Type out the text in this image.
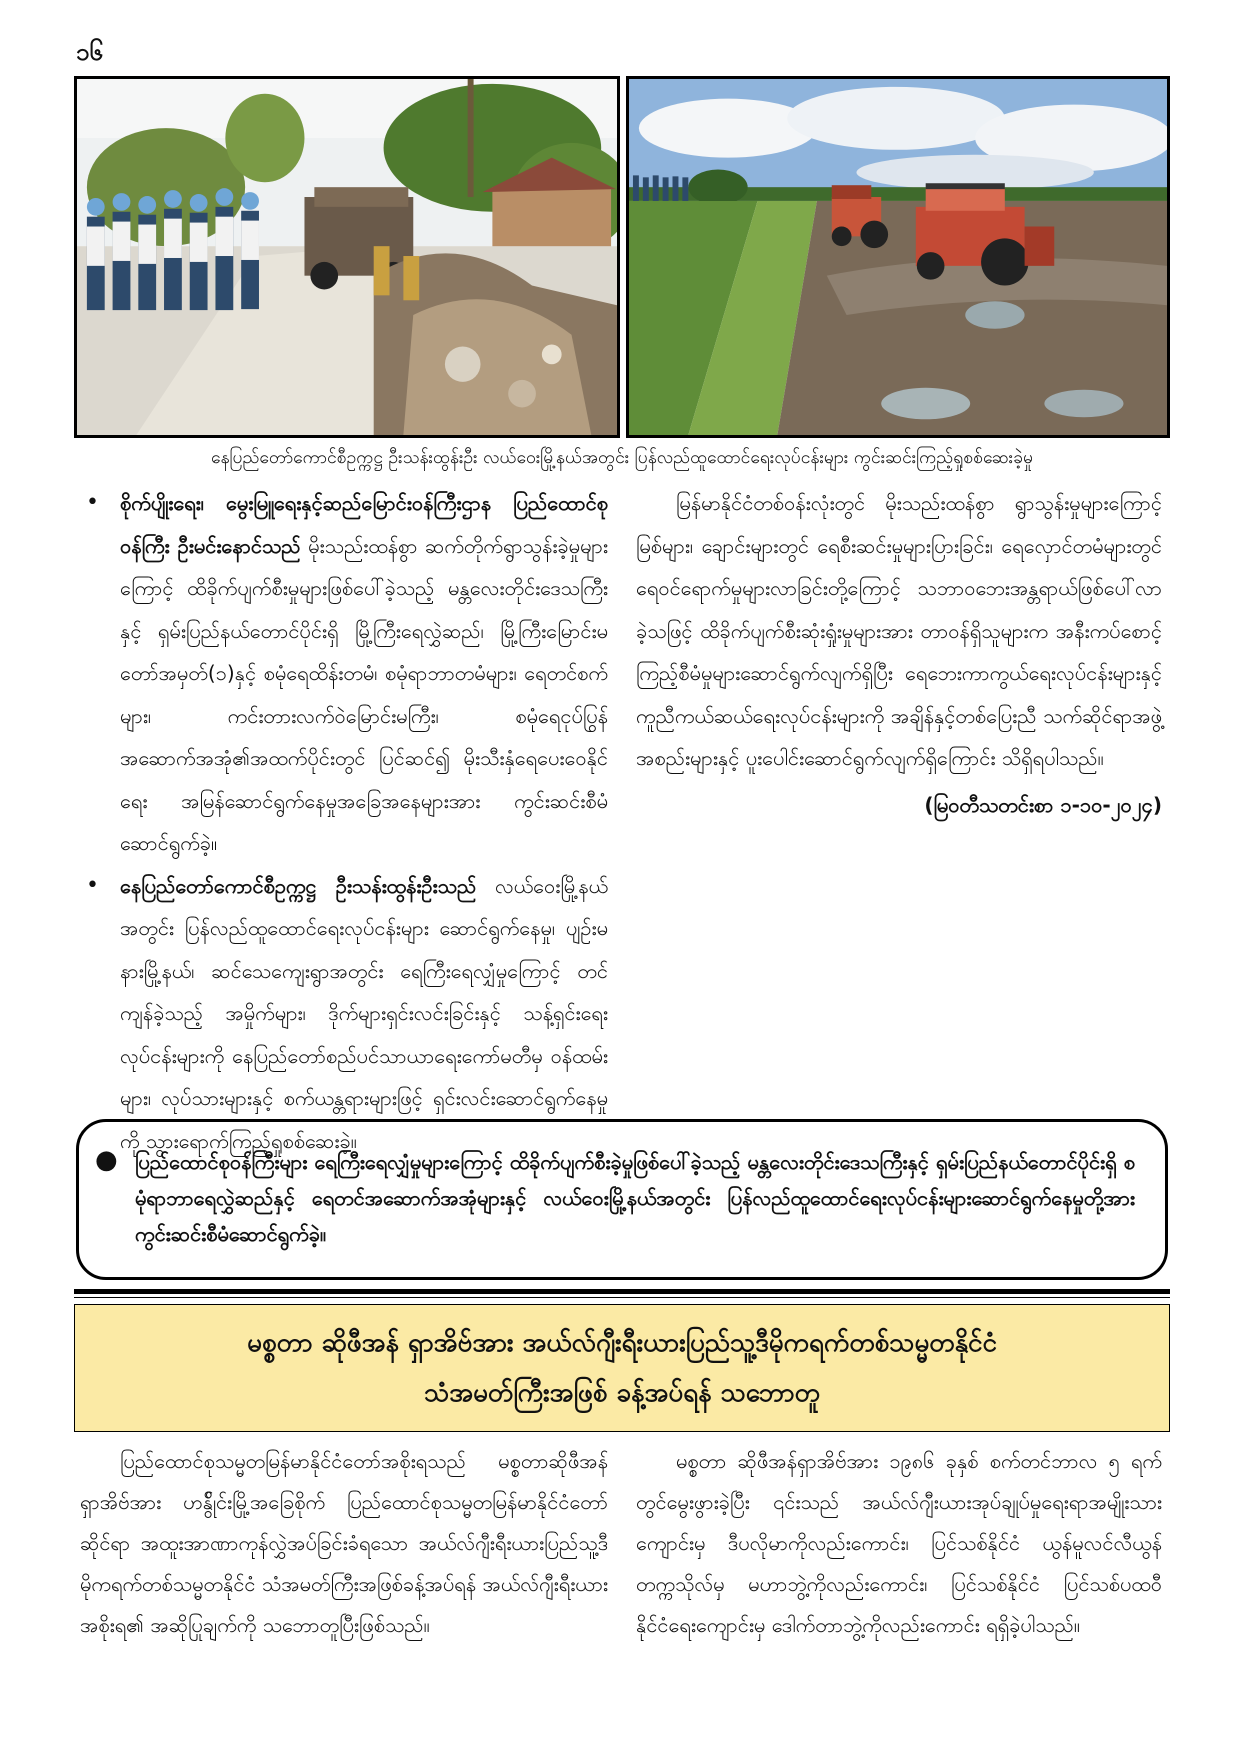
၁၆
နေပြည်တော်ကောင်စီဥက္ကဋ္ဌ ဦးသန်းထွန်းဦး လယ်ဝေးမြို့နယ်အတွင်း ပြန်လည်ထူထောင်ရေးလုပ်ငန်းများ ကွင်းဆင်းကြည့်ရှုစစ်ဆေးခဲ့မှု
• စိုက်ပျိုးရေး၊ မွေးမြူရေးနှင့်ဆည်မြောင်းဝန်ကြီးဌာန ပြည်ထောင်စုဝန်ကြီး ဦးမင်းနောင်သည် မိုးသည်းထန်စွာ ဆက်တိုက်ရွာသွန်းခဲ့မှုများကြောင့် ထိခိုက်ပျက်စီးမှုများဖြစ်ပေါ်ခဲ့သည့် မန္တလေးတိုင်းဒေသကြီးနှင့် ရှမ်းပြည်နယ်တောင်ပိုင်းရှိ မြို့ကြီးရေလွှဲဆည်၊ မြို့ကြီးမြောင်းမတော်အမှတ်(၁)နှင့် စမုံရေထိန်းတမံ၊ စမုံရာဘာတမံများ၊ ရေတင်စက်များ၊ ကင်းတားလက်ဝဲမြောင်းမကြီး၊ စမုံရေငုပ်ပြွန်အဆောက်အအုံ၏အထက်ပိုင်းတွင် ပြင်ဆင်၍ မိုးသီးနှံရေပေးဝေနိုင်ရေး အမြန်ဆောင်ရွက်နေမှုအခြေအနေများအား ကွင်းဆင်းစီမံဆောင်ရွက်ခဲ့။
• နေပြည်တော်ကောင်စီဥက္ကဋ္ဌ ဦးသန်းထွန်းဦးသည် လယ်ဝေးမြို့နယ်အတွင်း ပြန်လည်ထူထောင်ရေးလုပ်ငန်းများ ဆောင်ရွက်နေမှု၊ ပျဉ်းမနားမြို့နယ်၊ ဆင်သေကျေးရွာအတွင်း ရေကြီးရေလျှံမှုကြောင့် တင်ကျန်ခဲ့သည့် အမှိုက်များ၊ ဒိုက်များရှင်းလင်းခြင်းနှင့် သန့်ရှင်းရေးလုပ်ငန်းများကို နေပြည်တော်စည်ပင်သာယာရေးကော်မတီမှ ဝန်ထမ်းများ၊ လုပ်သားများနှင့် စက်ယန္တရားများဖြင့် ရှင်းလင်းဆောင်ရွက်နေမှုကို သွားရောက်ကြည့်ရှုစစ်ဆေးခဲ့။

မြန်မာနိုင်ငံတစ်ဝန်းလုံးတွင် မိုးသည်းထန်စွာ ရွာသွန်းမှုများကြောင့် မြစ်များ၊ ချောင်းများတွင် ရေစီးဆင်းမှုများပြားခြင်း၊ ရေလှောင်တမံများတွင် ရေဝင်ရောက်မှုများလာခြင်းတို့ကြောင့် သဘာဝဘေးအန္တရာယ်ဖြစ်ပေါ်လာခဲ့သဖြင့် ထိခိုက်ပျက်စီးဆုံးရှုံးမှုများအား တာဝန်ရှိသူများက အနီးကပ်စောင့်ကြည့်စီမံမှုများဆောင်ရွက်လျက်ရှိပြီး ရေဘေးကာကွယ်ရေးလုပ်ငန်းများနှင့် ကူညီကယ်ဆယ်ရေးလုပ်ငန်းများကို အချိန်နှင့်တစ်ပြေးညီ သက်ဆိုင်ရာအဖွဲ့အစည်းများနှင့် ပူးပေါင်းဆောင်ရွက်လျက်ရှိကြောင်း သိရှိရပါသည်။

(မြဝတီသတင်းစာ ၁-၁၀-၂၀၂၄)

● ပြည်ထောင်စုဝန်ကြီးများ ရေကြီးရေလျှံမှုများကြောင့် ထိခိုက်ပျက်စီးခဲ့မှုဖြစ်ပေါ်ခဲ့သည့် မန္တလေးတိုင်းဒေသကြီးနှင့် ရှမ်းပြည်နယ်တောင်ပိုင်းရှိ စမုံရာဘာရေလွှဲဆည်နှင့် ရေတင်အဆောက်အအုံများနှင့် လယ်ဝေးမြို့နယ်အတွင်း ပြန်လည်ထူထောင်ရေးလုပ်ငန်းများဆောင်ရွက်နေမှုတို့အား ကွင်းဆင်းစီမံဆောင်ရွက်ခဲ့။

မစ္စတာ ဆိုဖီအန် ရှာအိဗ်အား အယ်လ်ဂျီးရီးယားပြည်သူ့ဒီမိုကရက်တစ်သမ္မတနိုင်ငံ
သံအမတ်ကြီးအဖြစ် ခန့်အပ်ရန် သဘောတူ

ပြည်ထောင်စုသမ္မတမြန်မာနိုင်ငံတော်အစိုးရသည် မစ္စတာဆိုဖီအန် ရှာအိဗ်အား ဟန်ွိုင်းမြို့အခြေစိုက် ပြည်ထောင်စုသမ္မတမြန်မာနိုင်ငံတော်ဆိုင်ရာ အထူးအာဏာကုန်လွှဲအပ်ခြင်းခံရသော အယ်လ်ဂျီးရီးယားပြည်သူ့ဒီမိုကရက်တစ်သမ္မတနိုင်ငံ သံအမတ်ကြီးအဖြစ်ခန့်အပ်ရန် အယ်လ်ဂျီးရီးယား အစိုးရ၏ အဆိုပြုချက်ကို သဘောတူပြီးဖြစ်သည်။

မစ္စတာ ဆိုဖီအန်ရှာအိဗ်အား ၁၉၈၆ ခုနှစ် စက်တင်ဘာလ ၅ ရက်တွင်မွေးဖွားခဲ့ပြီး ၎င်းသည် အယ်လ်ဂျီးယားအုပ်ချုပ်မှုရေးရာအမျိုးသားကျောင်းမှ ဒီပလိုမာကိုလည်းကောင်း၊ ပြင်သစ်နိုင်ငံ ယွန်မူလင်လီယွန်တက္ကသိုလ်မှ မဟာဘွဲ့ကိုလည်းကောင်း၊ ပြင်သစ်နိုင်ငံ ပြင်သစ်ပထဝီနိုင်ငံရေးကျောင်းမှ ဒေါက်တာဘွဲ့ကိုလည်းကောင်း ရရှိခဲ့ပါသည်။
